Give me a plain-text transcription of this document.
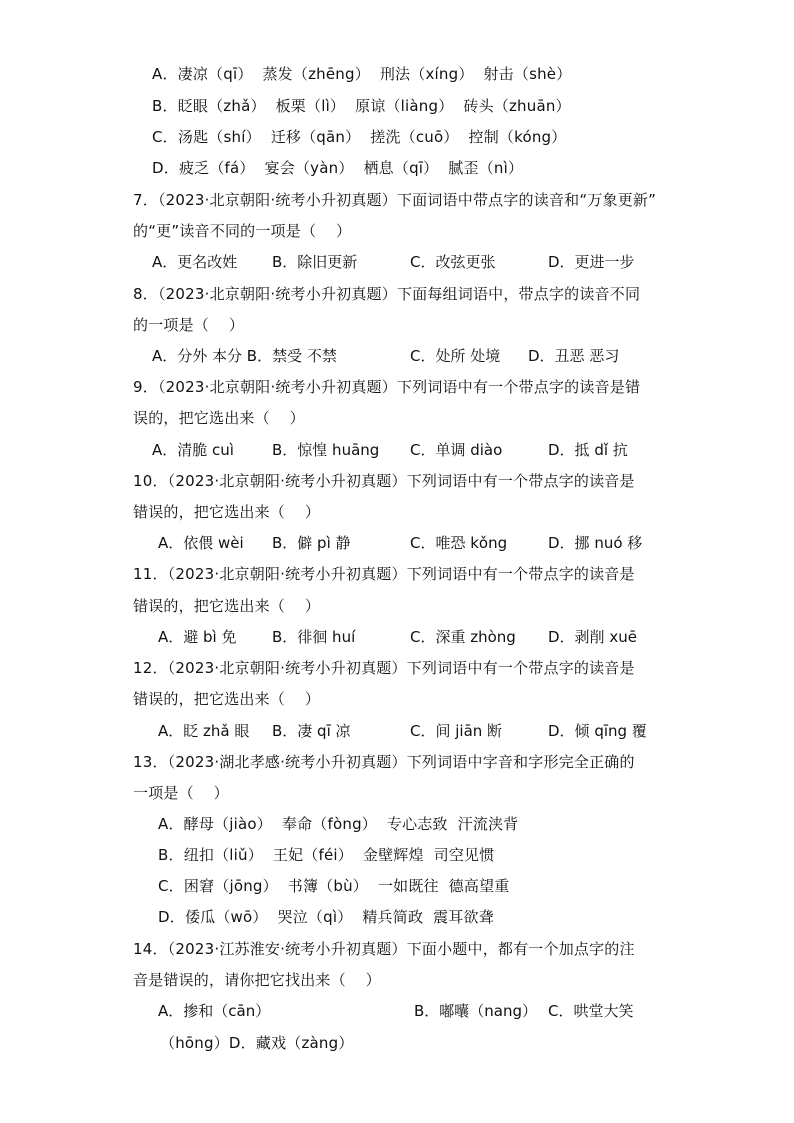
A．凄凉（qī）  蒸发（zhēng）  刑法（xíng）  射击（shè）
B．眨眼（zhǎ）  板栗（lì）  原谅（liàng）  砖头（zhuān）
C．汤匙（shí）  迁移（qān）  搓洗（cuō）  控制（kóng）
D．疲乏（fá）  宴会（yàn）  栖息（qī）  腻歪（nì）
7．（2023·北京朝阳·统考小升初真题）下面词语中带点字的读音和“万象更新”
的“更”读音不同的一项是（    ）

A．更名改姓

B．除旧更新

	C．改弦更张

	D．更进一步

8．（2023·北京朝阳·统考小升初真题）下面每组词语中，带点字的读音不同
的一项是（    ）

A．分外 本分 B．禁受 不禁

	C．处所 处境

D．丑恶 恶习

9．（2023·北京朝阳·统考小升初真题）下列词语中有一个带点字的读音是错
误的，把它选出来（    ）

A．清脆 cuì

	B．惊惶 huāng

C．单调 diào

	D．抵 dǐ 抗

10．（2023·北京朝阳·统考小升初真题）下列词语中有一个带点字的读音是
错误的，把它选出来（    ）

A．依偎 wèi

B．僻 pì 静

	C．唯恐 kǒng

	D．挪 nuó 移

11．（2023·北京朝阳·统考小升初真题）下列词语中有一个带点字的读音是
错误的，把它选出来（    ）

A．避 bì 免

B．徘徊 huí

	C．深重 zhòng

D．剥削 xuē

12．（2023·北京朝阳·统考小升初真题）下列词语中有一个带点字的读音是
错误的，把它选出来（    ）

A．眨 zhǎ 眼

B．凄 qī 凉

	C．间 jiān 断

	D．倾 qīng 覆

13．（2023·湖北孝感·统考小升初真题）下列词语中字音和字形完全正确的
一项是（    ）
A．酵母（jiào）  奉命（fòng）  专心志致  汗流浃背
B．纽扣（liǔ）  王妃（féi）  金壁辉煌  司空见惯
C．困窘（jōng）  书簿（bù）  一如既往  德高望重
D．倭瓜（wō）  哭泣（qì）  精兵简政  震耳欲聋
14．（2023·江苏淮安·统考小升初真题）下面小题中，都有一个加点字的注
音是错误的，请你把它找出来（    ）

A．掺和（cān）

	B．嘟囔（nang）

C．哄堂大笑

（hōng）D．藏戏（zàng）
